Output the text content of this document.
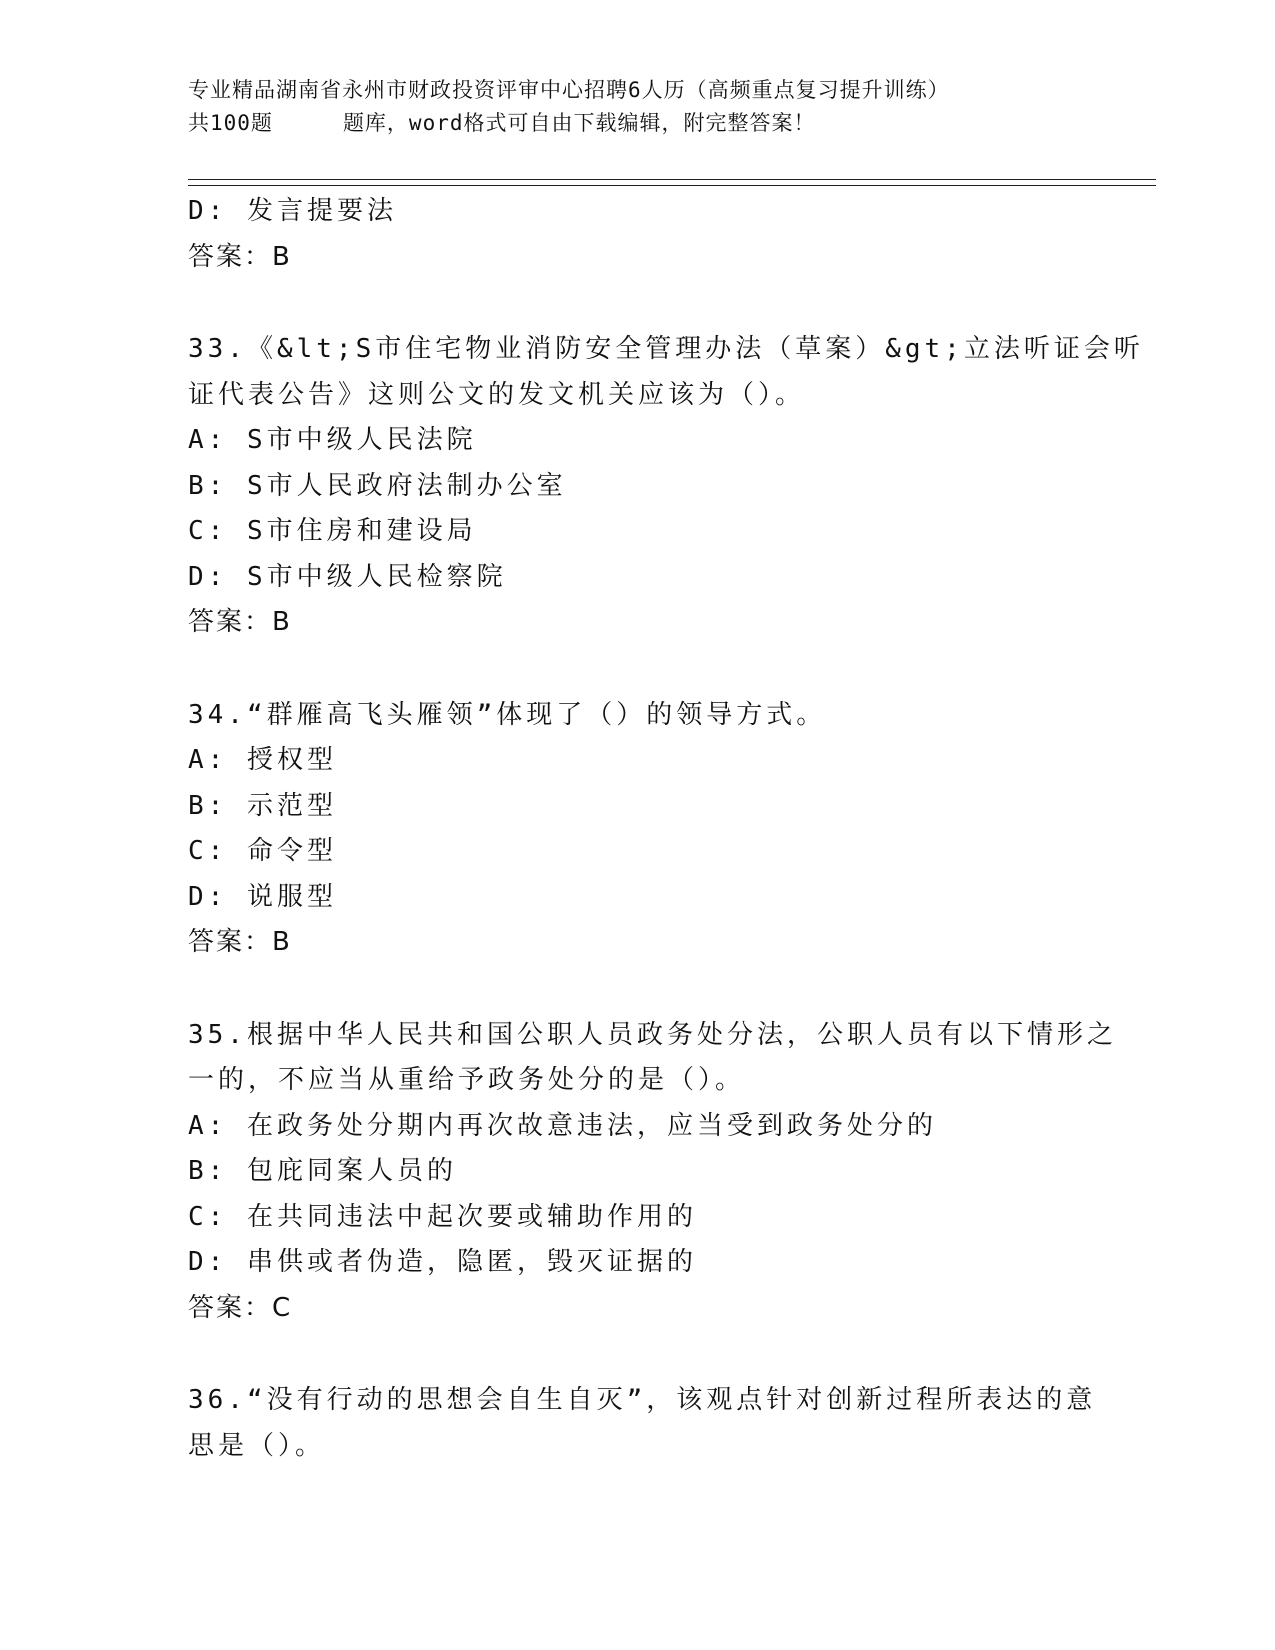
专业精品湖南省永州市财政投资评审中心招聘6人历（高频重点复习提升训练）
共100题	题库，word格式可自由下载编辑，附完整答案！
D: 发言提要法
答案：B
33.《&lt;S市住宅物业消防安全管理办法（草案）&gt;立法听证会听
证代表公告》这则公文的发文机关应该为（）。
A: S市中级人民法院
B: S市人民政府法制办公室
C: S市住房和建设局
D: S市中级人民检察院
答案：B
34.“群雁高飞头雁领”体现了（）的领导方式。
A: 授权型
B: 示范型
C: 命令型
D: 说服型
答案：B
35.根据中华人民共和国公职人员政务处分法，公职人员有以下情形之
一的，不应当从重给予政务处分的是（）。
A: 在政务处分期内再次故意违法，应当受到政务处分的
B: 包庇同案人员的
C: 在共同违法中起次要或辅助作用的
D: 串供或者伪造，隐匿，毁灭证据的
答案：C
36.“没有行动的思想会自生自灭”，该观点针对创新过程所表达的意
思是（）。
